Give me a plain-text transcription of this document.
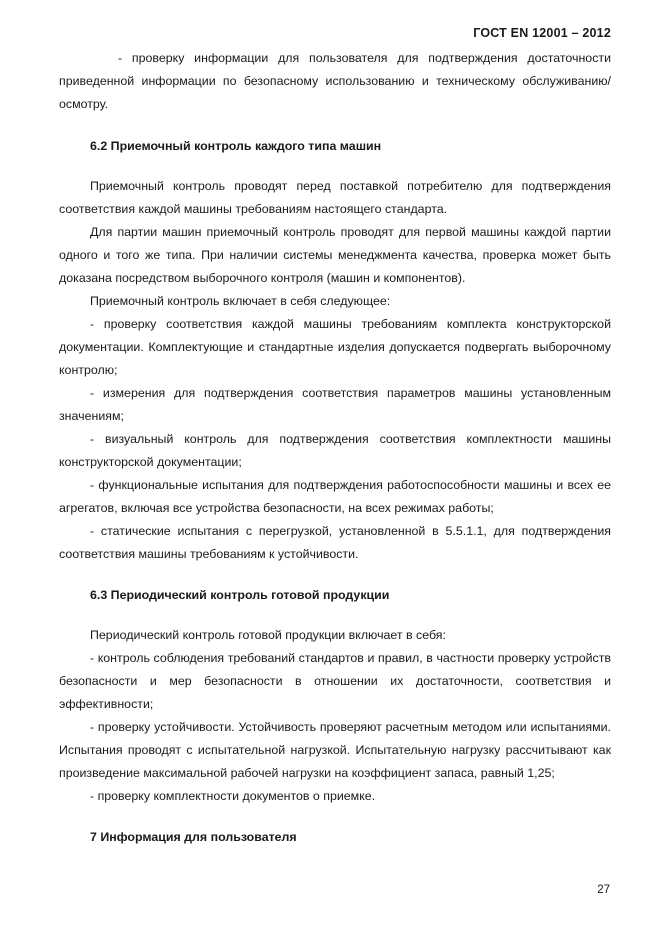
ГОСТ EN 12001 – 2012

- проверку информации для пользователя для подтверждения достаточности приведенной информации по безопасному использованию и техническому обслуживанию/осмотру.

6.2 Приемочный контроль каждого типа машин

Приемочный контроль проводят перед поставкой потребителю для подтверждения соответствия каждой машины требованиям настоящего стандарта.

Для партии машин приемочный контроль проводят для первой машины каждой партии одного и того же типа. При наличии системы менеджмента качества, проверка может быть доказана посредством выборочного контроля (машин и компонентов).

Приемочный контроль включает в себя следующее:

- проверку соответствия каждой машины требованиям комплекта конструкторской документации. Комплектующие и стандартные изделия допускается подвергать выборочному контролю;

- измерения для подтверждения соответствия параметров машины установленным значениям;

- визуальный контроль для подтверждения соответствия комплектности машины конструкторской документации;

- функциональные испытания для подтверждения работоспособности машины и всех ее агрегатов, включая все устройства безопасности, на всех режимах работы;

- статические испытания с перегрузкой, установленной в 5.5.1.1, для подтверждения соответствия машины требованиям к устойчивости.

6.3 Периодический контроль готовой продукции

Периодический контроль готовой продукции включает в себя:

- контроль соблюдения требований стандартов и правил, в частности проверку устройств безопасности и мер безопасности в отношении их достаточности, соответствия и эффективности;

- проверку устойчивости. Устойчивость проверяют расчетным методом или испытаниями. Испытания проводят с испытательной нагрузкой. Испытательную нагрузку рассчитывают как произведение максимальной рабочей нагрузки на коэффициент запаса, равный 1,25;

- проверку комплектности документов о приемке.

7 Информация для пользователя
27
